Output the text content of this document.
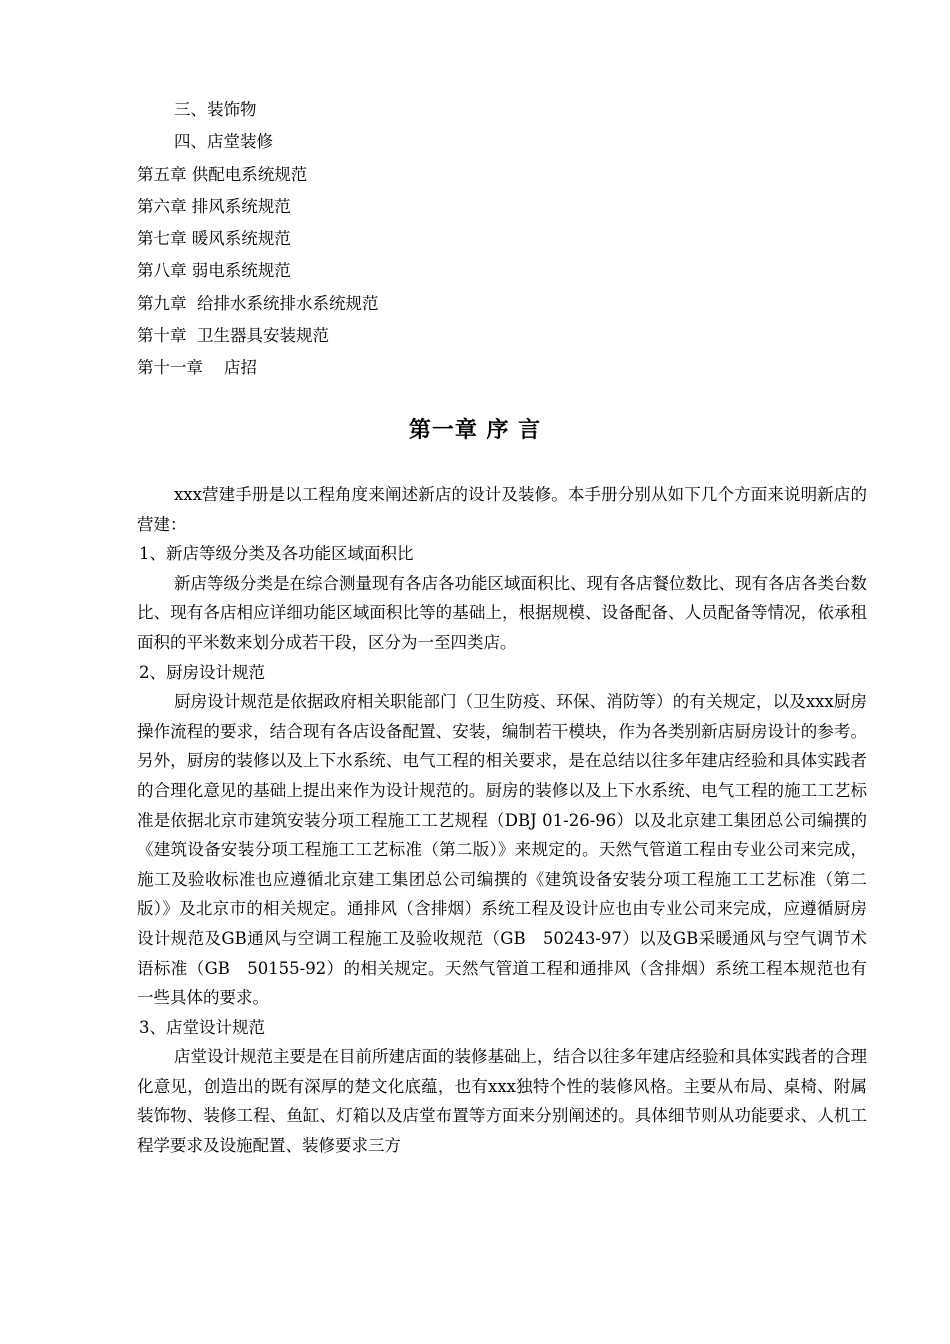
三、装饰物
四、店堂装修
第五章 供配电系统规范
第六章 排风系统规范
第七章 暖风系统规范
第八章 弱电系统规范
第九章  给排水系统排水系统规范
第十章  卫生器具安装规范
第十一章    店招
第一章 序 言

xxx营建手册是以工程角度来阐述新店的设计及装修。本手册分别从如下几个方面来说明新店的营建：

1、新店等级分类及各功能区域面积比

新店等级分类是在综合测量现有各店各功能区域面积比、现有各店餐位数比、现有各店各类台数比、现有各店相应详细功能区域面积比等的基础上，根据规模、设备配备、人员配备等情况，依承租面积的平米数来划分成若干段，区分为一至四类店。

2、厨房设计规范

厨房设计规范是依据政府相关职能部门（卫生防疫、环保、消防等）的有关规定，以及xxx厨房操作流程的要求，结合现有各店设备配置、安装，编制若干模块，作为各类别新店厨房设计的参考。另外，厨房的装修以及上下水系统、电气工程的相关要求，是在总结以往多年建店经验和具体实践者的合理化意见的基础上提出来作为设计规范的。厨房的装修以及上下水系统、电气工程的施工工艺标准是依据北京市建筑安装分项工程施工工艺规程（DBJ 01-26-96）以及北京建工集团总公司编撰的《建筑设备安装分项工程施工工艺标准（第二版）》来规定的。天然气管道工程由专业公司来完成，施工及验收标准也应遵循北京建工集团总公司编撰的《建筑设备安装分项工程施工工艺标准（第二版）》及北京市的相关规定。通排风（含排烟）系统工程及设计应也由专业公司来完成，应遵循厨房设计规范及GB通风与空调工程施工及验收规范（GB　50243-97）以及GB采暖通风与空气调节术语标准（GB　50155-92）的相关规定。天然气管道工程和通排风（含排烟）系统工程本规范也有一些具体的要求。

3、店堂设计规范

店堂设计规范主要是在目前所建店面的装修基础上，结合以往多年建店经验和具体实践者的合理化意见，创造出的既有深厚的楚文化底蕴，也有xxx独特个性的装修风格。主要从布局、桌椅、附属装饰物、装修工程、鱼缸、灯箱以及店堂布置等方面来分别阐述的。具体细节则从功能要求、人机工程学要求及设施配置、装修要求三方
